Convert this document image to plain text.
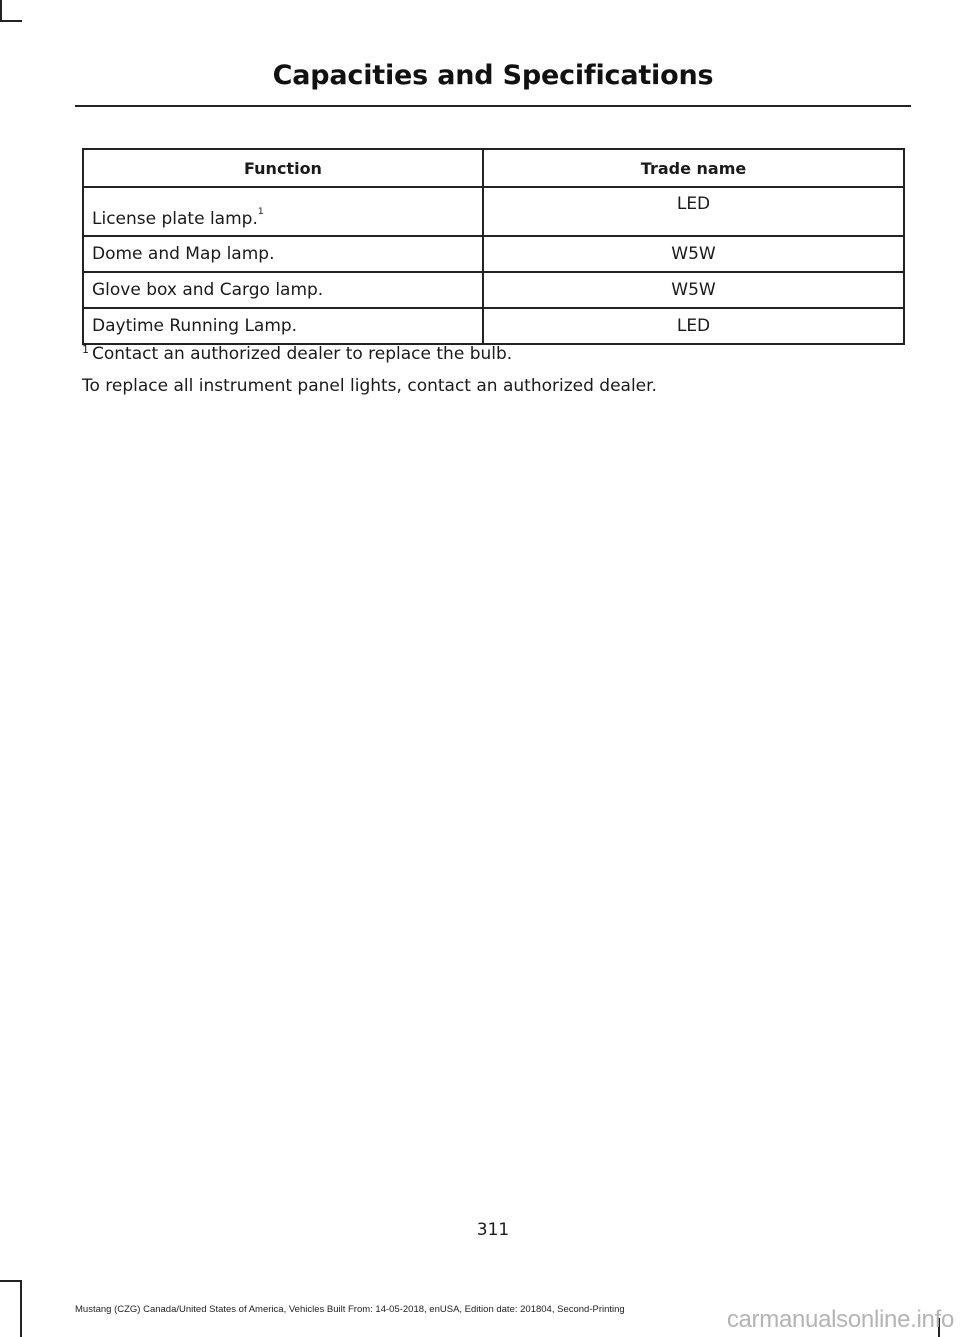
Capacities and Specifications
Function	Trade name
License plate lamp.$^1$	LED
Dome and Map lamp.	W5W
Glove box and Cargo lamp.	W5W
Daytime Running Lamp.	LED
$^1$ Contact an authorized dealer to replace the bulb.
To replace all instrument panel lights, contact an authorized dealer.
311
Mustang (CZG) Canada/United States of America, Vehicles Built From: 14-05-2018, enUSA, Edition date: 201804, Second-Printing	carmanualsonline.info
